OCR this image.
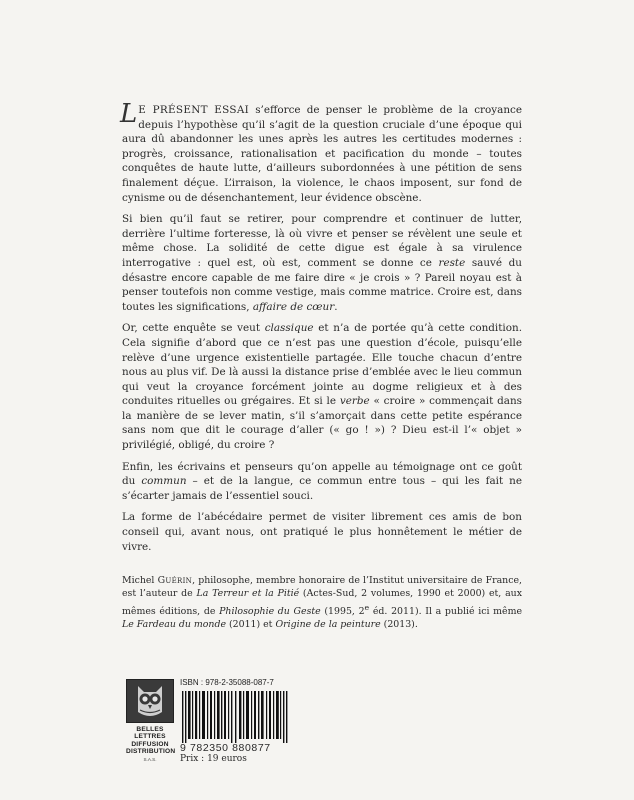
L E PRÉSENT ESSAI s’efforce de penser le problème de la croyance depuis l’hypothèse qu’il s’agit de la question cruciale d’une époque qui aura dû abandonner les unes après les autres les certitudes modernes : progrès, croissance, rationalisation et pacification du monde – toutes conquêtes de haute lutte, d’ailleurs subordonnées à une pétition de sens finalement déçue. L’irraison, la violence, le chaos imposent, sur fond de cynisme ou de désenchantement, leur évidence obscène.

Si bien qu’il faut se retirer, pour comprendre et continuer de lutter, derrière l’ultime forteresse, là où vivre et penser se révèlent une seule et même chose. La solidité de cette digue est égale à sa virulence interrogative : quel est, où est, comment se donne ce reste sauvé du désastre encore capable de me faire dire « je crois » ? Pareil noyau est à penser toutefois non comme vestige, mais comme matrice. Croire est, dans toutes les significations, affaire de cœur.

Or, cette enquête se veut classique et n’a de portée qu’à cette condition. Cela signifie d’abord que ce n’est pas une question d’école, puisqu’elle relève d’une urgence existentielle partagée. Elle touche chacun d’entre nous au plus vif. De là aussi la distance prise d’emblée avec le lieu commun qui veut la croyance forcément jointe au dogme religieux et à des conduites rituelles ou grégaires. Et si le verbe « croire » commençait dans la manière de se lever matin, s’il s’amorçait dans cette petite espérance sans nom que dit le courage d’aller (« go ! ») ? Dieu est-il l’« objet » privilégié, obligé, du croire ?

Enfin, les écrivains et penseurs qu’on appelle au témoignage ont ce goût du commun – et de la langue, ce commun entre tous – qui les fait ne s’écarter jamais de l’essentiel souci.

La forme de l’abécédaire permet de visiter librement ces amis de bon conseil qui, avant nous, ont pratiqué le plus honnêtement le métier de vivre.

Michel Guérin, philosophe, membre honoraire de l’Institut universitaire de France, est l’auteur de La Terreur et la Pitié (Actes-Sud, 2 volumes, 1990 et 2000) et, aux mêmes éditions, de Philosophie du Geste (1995, 2e éd. 2011). Il a publié ici même Le Fardeau du monde (2011) et Origine de la peinture (2013).

BELLES LETTRES
DIFFUSION
DISTRIBUTION
S.A.S.
ISBN : 978-2-35088-087-7
9 782350 880877
Prix : 19 euros
